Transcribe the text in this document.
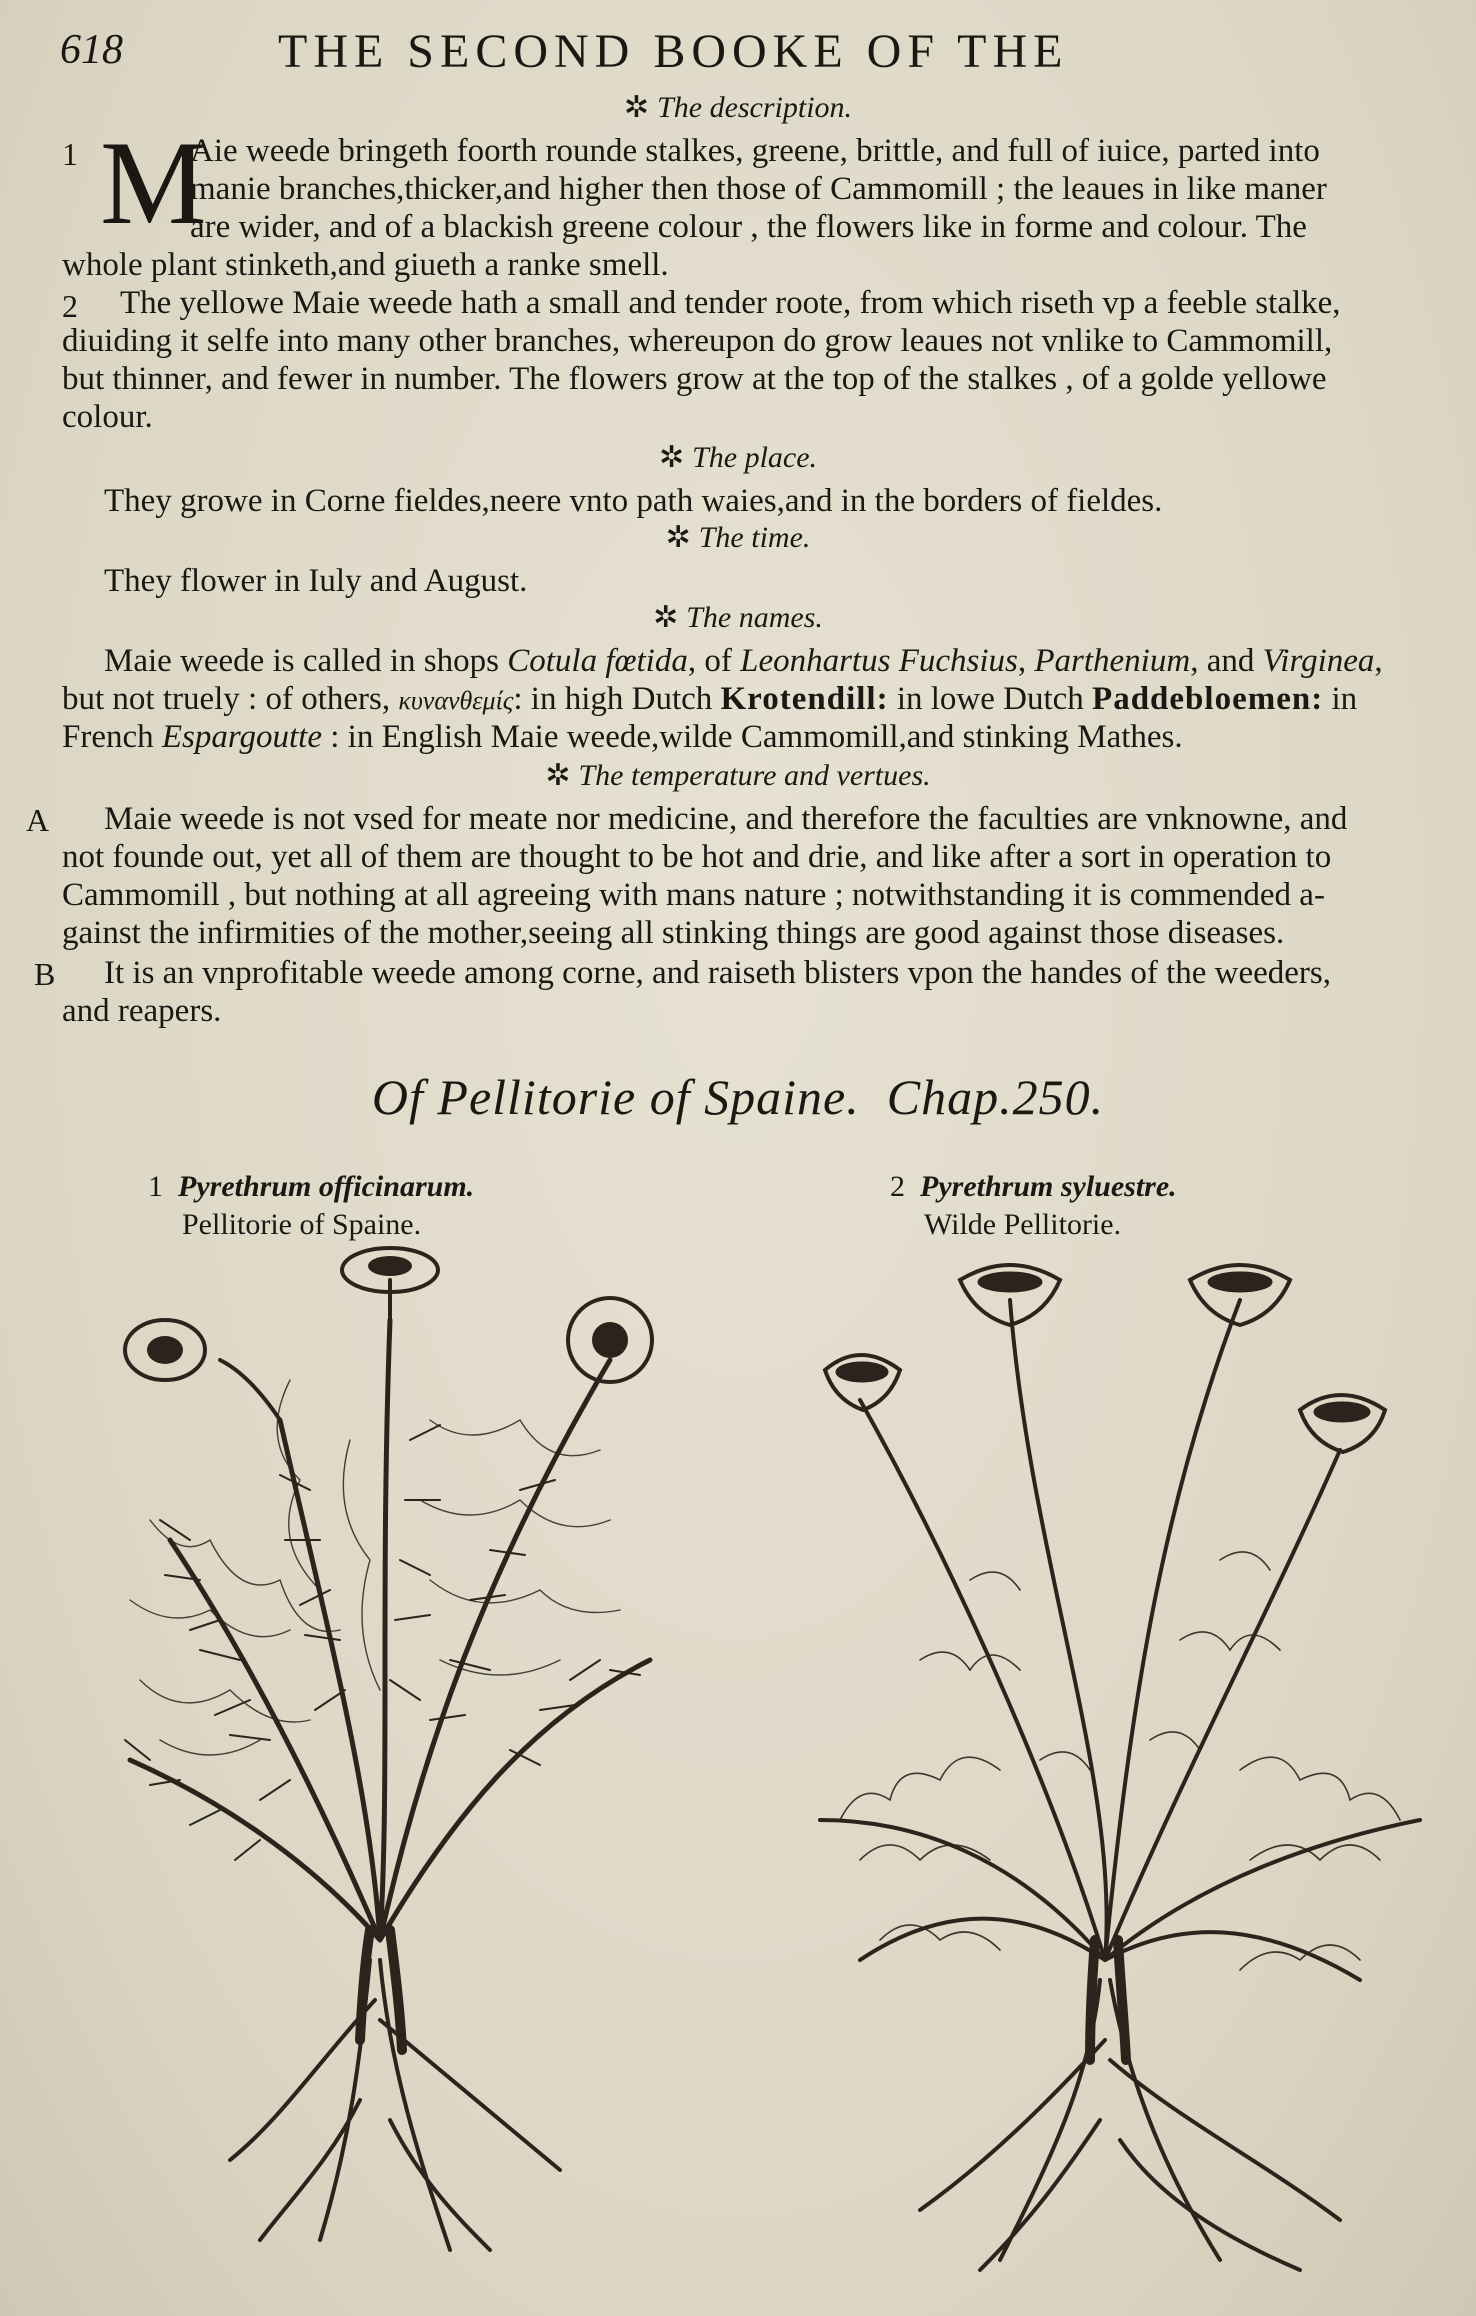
618	THE SECOND BOOKE OF THE
✲ The description.
1 M
Aie weede bringeth foorth rounde stalkes, greene, brittle, and full of iuice, parted into
manie branches,thicker,and higher then those of Cammomill ; the leaues in like maner
are wider, and of a blackish greene colour , the flowers like in forme and colour. The
whole plant stinketh,and giueth a ranke smell.
2 The yellowe Maie weede hath a small and tender roote, from which riseth vp a feeble stalke,
diuiding it selfe into many other branches, whereupon do grow leaues not vnlike to Cammomill,
but thinner, and fewer in number. The flowers grow at the top of the stalkes , of a golde yellowe
colour.
✲ The place.
They growe in Corne fieldes,neere vnto path waies,and in the borders of fieldes.
✲ The time.
They flower in Iuly and August.
✲ The names.
Maie weede is called in shops Cotula fœtida, of Leonhartus Fuchsius, Parthenium, and Virginea,
but not truely : of others, κυνανθεμίς: in high Dutch Krotendill: in lowe Dutch Paddebloemen: in
French Espargoutte : in English Maie weede,wilde Cammomill,and stinking Mathes.
✲ The temperature and vertues.
A Maie weede is not vsed for meate nor medicine, and therefore the faculties are vnknowne, and
not founde out, yet all of them are thought to be hot and drie, and like after a sort in operation to
Cammomill , but nothing at all agreeing with mans nature ; notwithstanding it is commended a-
gainst the infirmities of the mother,seeing all stinking things are good against those diseases.
B It is an vnprofitable weede among corne, and raiseth blisters vpon the handes of the weeders,
and reapers.
Of Pellitorie of Spaine. Chap.250.
1 Pyrethrum officinarum.
Pellitorie of Spaine.
2 Pyrethrum syluestre.
Wilde Pellitorie.
